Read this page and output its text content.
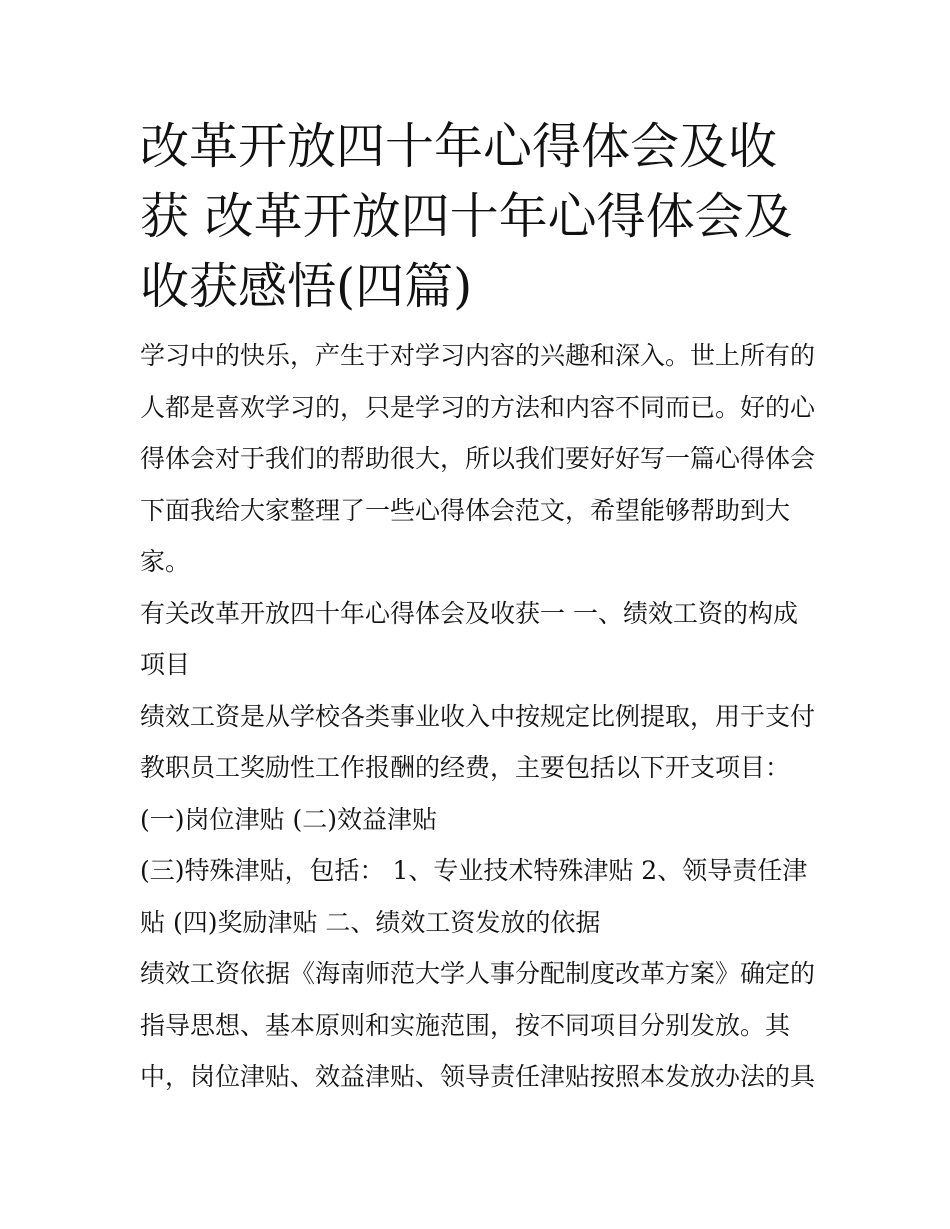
改革开放四十年心得体会及收获 改革开放四十年心得体会及收获感悟(四篇)

学习中的快乐，产生于对学习内容的兴趣和深入。世上所有的人都是喜欢学习的，只是学习的方法和内容不同而已。好的心得体会对于我们的帮助很大，所以我们要好好写一篇心得体会下面我给大家整理了一些心得体会范文，希望能够帮助到大家。

有关改革开放四十年心得体会及收获一 一、绩效工资的构成项目

绩效工资是从学校各类事业收入中按规定比例提取，用于支付教职员工奖励性工作报酬的经费，主要包括以下开支项目：

(一)岗位津贴 (二)效益津贴

(三)特殊津贴，包括： 1、专业技术特殊津贴 2、领导责任津贴 (四)奖励津贴 二、绩效工资发放的依据

绩效工资依据《海南师范大学人事分配制度改革方案》确定的指导思想、基本原则和实施范围，按不同项目分别发放。其中，岗位津贴、效益津贴、领导责任津贴按照本发放办法的具
